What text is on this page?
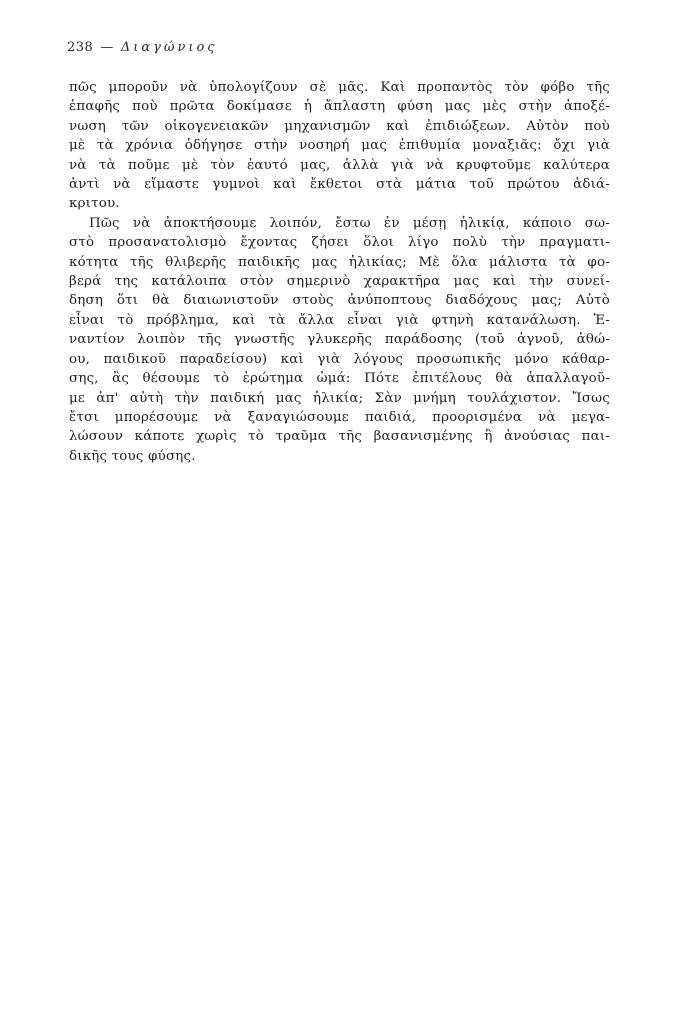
238 — Διαγώνιος

πῶς μποροῦν νὰ ὑπολογίζουν σὲ μᾶς. Καὶ προπαντὸς τὸν φόβο τῆς
ἐπαφῆς ποὺ πρῶτα δοκίμασε ἡ ἄπλαστη φύση μας μὲς στὴν ἀποξέ-
νωση τῶν οἰκογενειακῶν μηχανισμῶν καὶ ἐπιδιώξεων. Αὐτὸν ποὺ
μὲ τὰ χρόνια ὁδήγησε στὴν νοσηρή μας ἐπιθυμία μοναξιᾶς: ὄχι γιὰ
νὰ τὰ ποῦμε μὲ τὸν ἑαυτό μας, ἀλλὰ γιὰ νὰ κρυφτοῦμε καλύτερα
ἀντὶ νὰ εἴμαστε γυμνοὶ καὶ ἔκθετοι στὰ μάτια τοῦ πρώτου ἀδιά-
κριτου.

Πῶς νὰ ἀποκτήσουμε λοιπόν, ἔστω ἐν μέσῃ ἡλικίᾳ, κάποιο σω-
στὸ προσανατολισμὸ ἔχοντας ζήσει ὅλοι λίγο πολὺ τὴν πραγματι-
κότητα τῆς θλιβερῆς παιδικῆς μας ἡλικίας; Μὲ ὅλα μάλιστα τὰ φο-
βερά της κατάλοιπα στὸν σημερινὸ χαρακτῆρα μας καὶ τὴν συνεί-
δηση ὅτι θὰ διαιωνιστοῦν στοὺς ἀνύποπτους διαδόχους μας; Αὐτὸ
εἶναι τὸ πρόβλημα, καὶ τὰ ἄλλα εἶναι γιὰ φτηνὴ κατανάλωση. Ἐ-
ναντίον λοιπὸν τῆς γνωστῆς γλυκερῆς παράδοσης (τοῦ ἁγνοῦ, ἀθώ-
ου, παιδικοῦ παραδείσου) καὶ γιὰ λόγους προσωπικῆς μόνο κάθαρ-
σης, ἂς θέσουμε τὸ ἐρώτημα ὠμά: Πότε ἐπιτέλους θὰ ἀπαλλαγοῦ-
με ἀπ' αὐτὴ τὴν παιδική μας ἡλικία; Σὰν μνήμη τουλάχιστον. Ἴσως
ἔτσι μπορέσουμε νὰ ξαναγιώσουμε παιδιά, προορισμένα νὰ μεγα-
λώσουν κάποτε χωρὶς τὸ τραῦμα τῆς βασανισμένης ἢ ἀνούσιας παι-
δικῆς τους φύσης.
